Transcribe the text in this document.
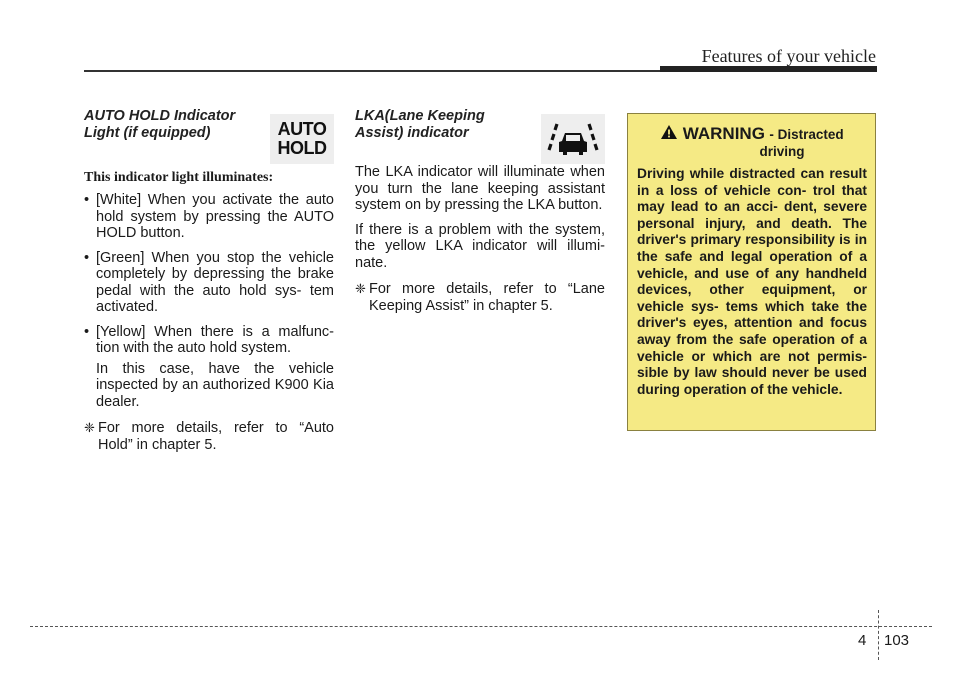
Features of your vehicle
AUTO HOLD Indicator
Light (if equipped)	AUTO
HOLD
This indicator light illuminates:
• [White] When you activate the auto hold system by pressing the AUTO HOLD button.
• [Green] When you stop the vehicle completely by depressing the brake pedal with the auto hold sys- tem activated.
• [Yellow] When there is a malfunc- tion with the auto hold system.
In this case, have the vehicle inspected by an authorized K900 Kia dealer.
❈ For more details, refer to “Auto Hold” in chapter 5.
LKA(Lane Keeping
Assist) indicator

The LKA indicator will illuminate when you turn the lane keeping assistant system on by pressing the LKA button.

If there is a problem with the system, the yellow LKA indicator will illumi- nate.

❈ For more details, refer to “Lane Keeping Assist” in chapter 5.
WARNING - Distracted
driving
Driving while distracted can result in a loss of vehicle con- trol that may lead to an acci- dent, severe personal injury, and death. The driver's primary responsibility is in the safe and legal operation of a vehicle, and use of any handheld devices, other equipment, or vehicle sys- tems which take the driver's eyes, attention and focus away from the safe operation of a vehicle or which are not permis- sible by law should never be used during operation of the vehicle.
4 103
